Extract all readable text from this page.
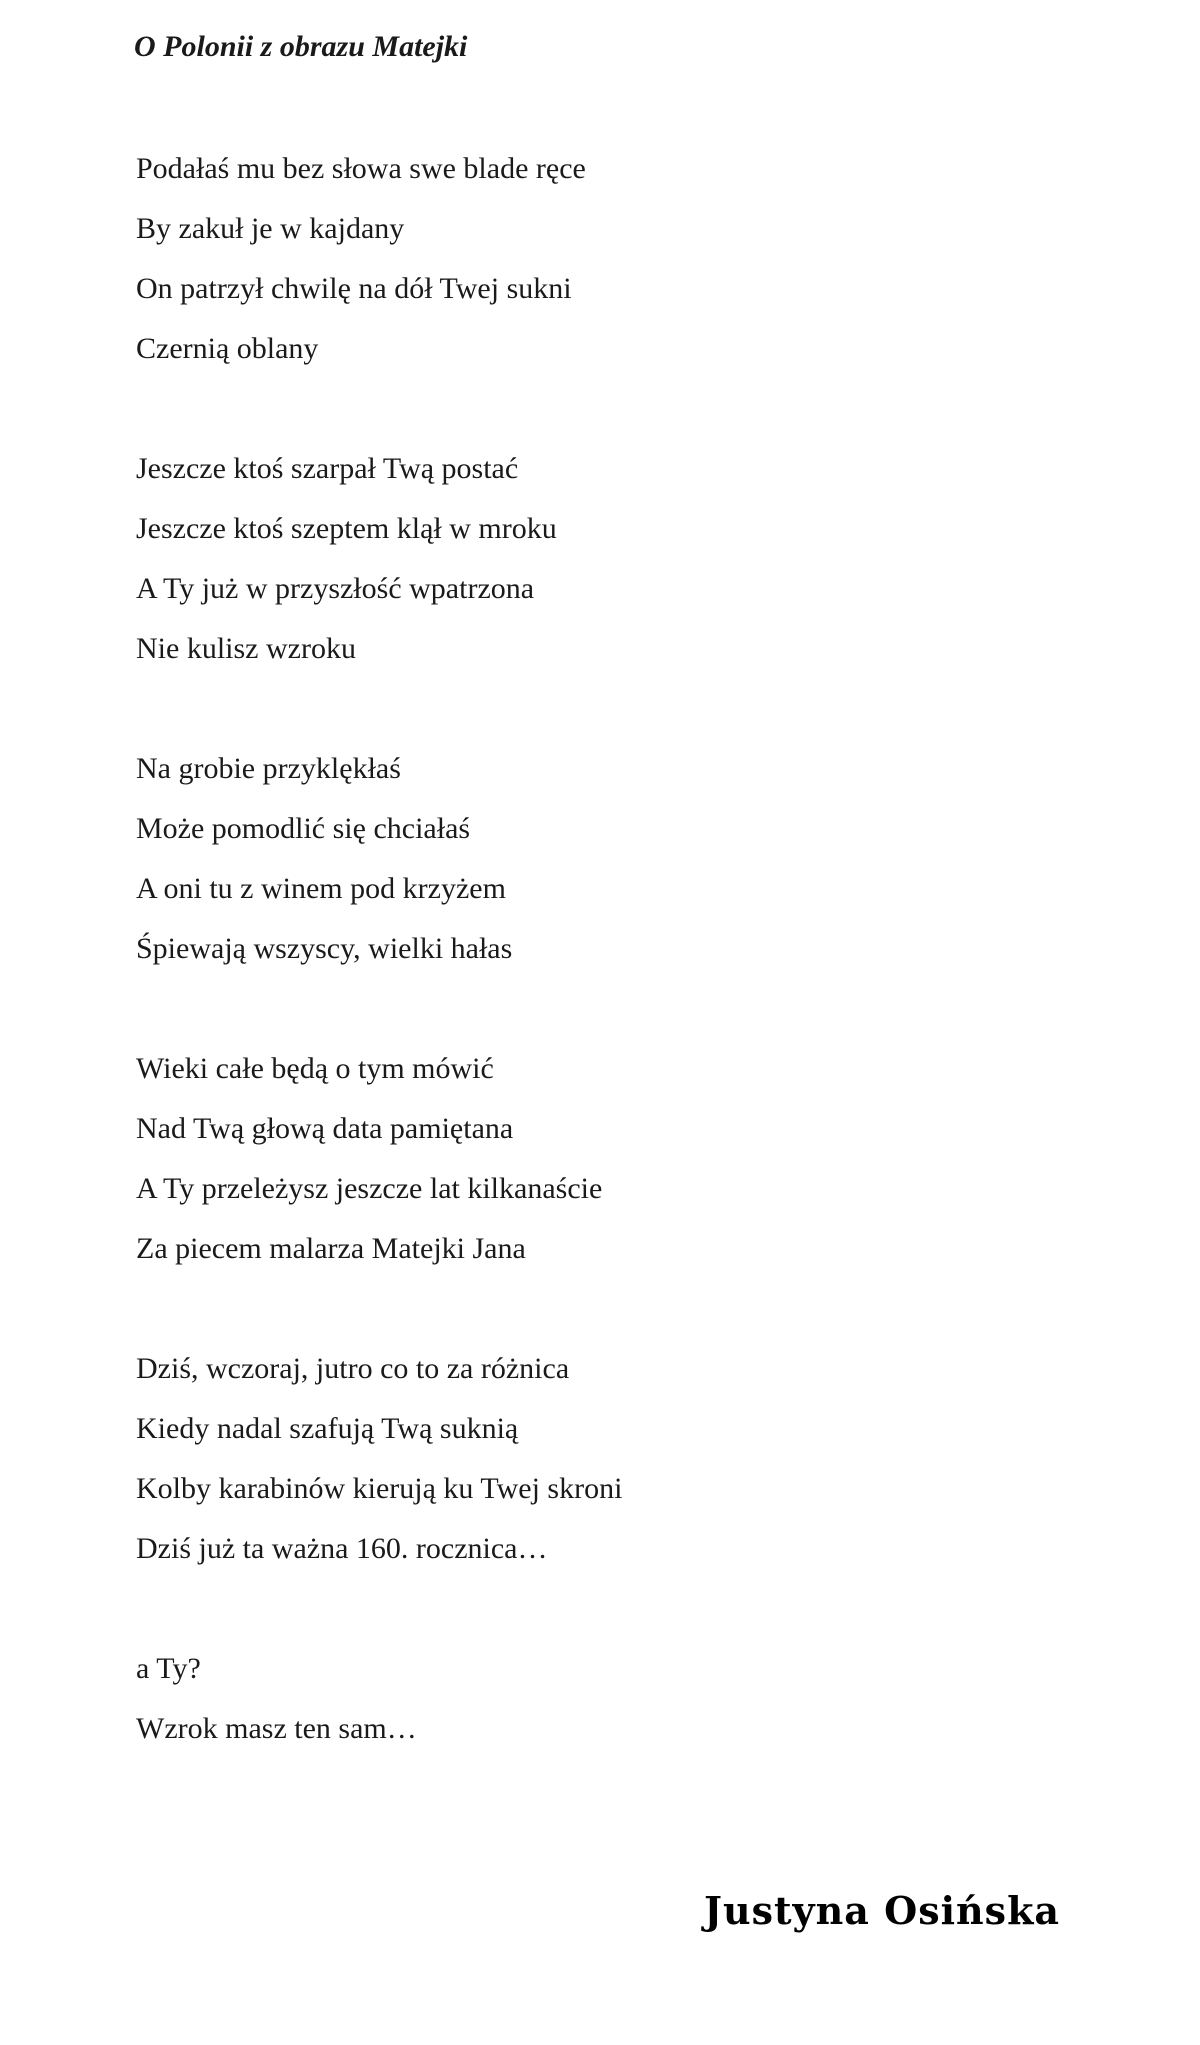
O Polonii z obrazu Matejki
Podałaś mu bez słowa swe blade ręce
By zakuł je w kajdany
On patrzył chwilę na dół Twej sukni
Czernią oblany
Jeszcze ktoś szarpał Twą postać
Jeszcze ktoś szeptem klął w mroku
A Ty już w przyszłość wpatrzona
Nie kulisz wzroku
Na grobie przyklękłaś
Może pomodlić się chciałaś
A oni tu z winem pod krzyżem
Śpiewają wszyscy, wielki hałas
Wieki całe będą o tym mówić
Nad Twą głową data pamiętana
A Ty przeleżysz jeszcze lat kilkanaście
Za piecem malarza Matejki Jana
Dziś, wczoraj, jutro co to za różnica
Kiedy nadal szafują Twą suknią
Kolby karabinów kierują ku Twej skroni
Dziś już ta ważna 160. rocznica…
a Ty?
Wzrok masz ten sam…
Justyna Osińska
